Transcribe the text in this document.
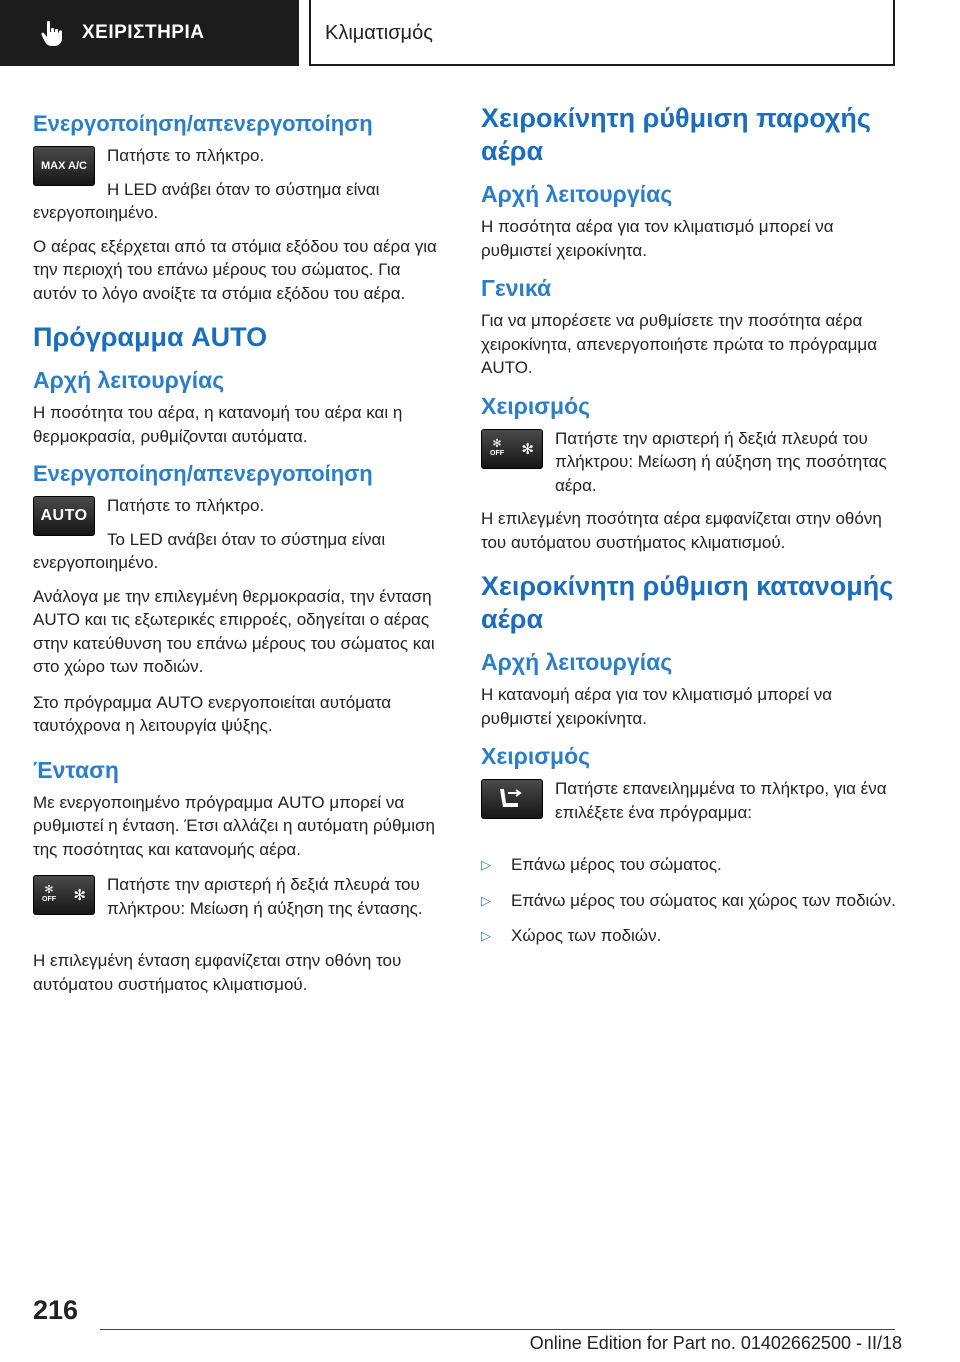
ΧΕΙΡΙΣΤΗΡΙΑ	Κλιματισμός
Ενεργοποίηση/απενεργοποίηση
MAX A/C

Πατήστε το πλήκτρο.

Η LED ανάβει όταν το σύστημα είναι ενεργοποιημένο.

Ο αέρας εξέρχεται από τα στόμια εξόδου του αέρα για την περιοχή του επάνω μέρους του σώματος. Για αυτόν το λόγο ανοίξτε τα στόμια εξόδου του αέρα.

Πρόγραμμα AUTO
Αρχή λειτουργίας

Η ποσότητα του αέρα, η κατανομή του αέρα και η θερμοκρασία, ρυθμίζονται αυτόματα.

Ενεργοποίηση/απενεργοποίηση
AUTO

Πατήστε το πλήκτρο.

Το LED ανάβει όταν το σύστημα είναι ενεργοποιημένο.

Ανάλογα με την επιλεγμένη θερμοκρασία, την ένταση AUTO και τις εξωτερικές επιρροές, οδηγείται ο αέρας στην κατεύθυνση του επάνω μέρους του σώματος και στο χώρο των ποδιών.

Στο πρόγραμμα AUTO ενεργοποιείται αυτόματα ταυτόχρονα η λειτουργία ψύξης.

Ένταση

Με ενεργοποιημένο πρόγραμμα AUTO μπορεί να ρυθμιστεί η ένταση. Έτσι αλλάζει η αυτόματη ρύθμιση της ποσότητας και κατανομής αέρα.

✻
OFF ✻

Πατήστε την αριστερή ή δεξιά πλευρά του πλήκτρου: Μείωση ή αύξηση της έντασης.

Η επιλεγμένη ένταση εμφανίζεται στην οθόνη του αυτόματου συστήματος κλιματισμού.

Χειροκίνητη ρύθμιση παροχής αέρα
Αρχή λειτουργίας

Η ποσότητα αέρα για τον κλιματισμό μπορεί να ρυθμιστεί χειροκίνητα.

Γενικά

Για να μπορέσετε να ρυθμίσετε την ποσότητα αέρα χειροκίνητα, απενεργοποιήστε πρώτα το πρόγραμμα AUTO.

Χειρισμός
✻
OFF ✻

Πατήστε την αριστερή ή δεξιά πλευρά του πλήκτρου: Μείωση ή αύξηση της ποσότητας αέρα.

Η επιλεγμένη ποσότητα αέρα εμφανίζεται στην οθόνη του αυτόματου συστήματος κλιματισμού.

Χειροκίνητη ρύθμιση κατανομής αέρα
Αρχή λειτουργίας

Η κατανομή αέρα για τον κλιματισμό μπορεί να ρυθμιστεί χειροκίνητα.

Χειρισμός

Πατήστε επανειλημμένα το πλήκτρο, για ένα επιλέξετε ένα πρόγραμμα:

▷ Επάνω μέρος του σώματος.
▷ Επάνω μέρος του σώματος και χώρος των ποδιών.
▷ Χώρος των ποδιών.
216
Online Edition for Part no. 01402662500 - II/18
